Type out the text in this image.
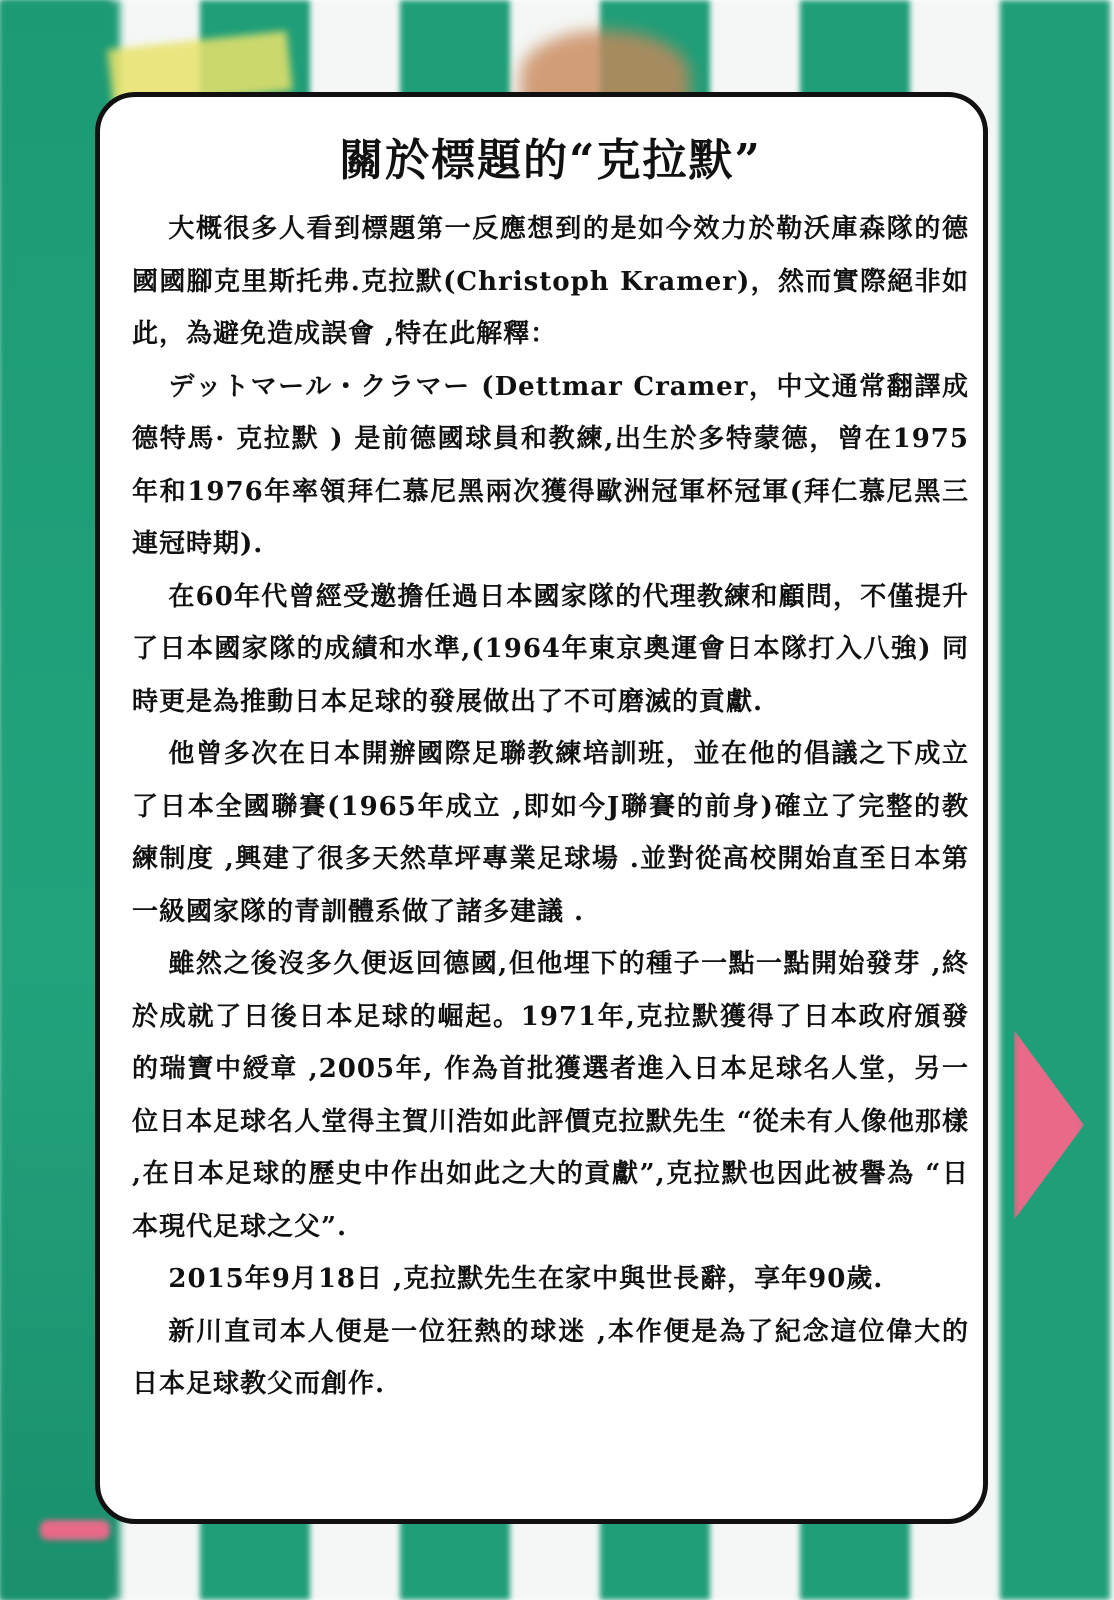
關於標題的“克拉默”

大概很多人看到標題第一反應想到的是如今效力於勒沃庫森隊的德國國腳克里斯托弗.克拉默(Christoph Kramer)，然而實際絕非如此，為避免造成誤會 ,特在此解釋：

デットマール・クラマー (Dettmar Cramer，中文通常翻譯成德特馬· 克拉默 ) 是前德國球員和教練,出生於多特蒙德，曾在1975年和1976年率領拜仁慕尼黑兩次獲得歐洲冠軍杯冠軍(拜仁慕尼黑三連冠時期).

在60年代曾經受邀擔任過日本國家隊的代理教練和顧問，不僅提升了日本國家隊的成績和水準,(1964年東京奧運會日本隊打入八強) 同時更是為推動日本足球的發展做出了不可磨滅的貢獻.

他曾多次在日本開辦國際足聯教練培訓班，並在他的倡議之下成立了日本全國聯賽(1965年成立 ,即如今J聯賽的前身)確立了完整的教練制度 ,興建了很多天然草坪專業足球場 .並對從高校開始直至日本第一級國家隊的青訓體系做了諸多建議 .

雖然之後沒多久便返回德國,但他埋下的種子一點一點開始發芽 ,終於成就了日後日本足球的崛起。1971年,克拉默獲得了日本政府頒發的瑞寶中綬章 ,2005年, 作為首批獲選者進入日本足球名人堂，另一位日本足球名人堂得主賀川浩如此評價克拉默先生 “從未有人像他那樣 ,在日本足球的歷史中作出如此之大的貢獻”,克拉默也因此被譽為 “日本現代足球之父”.

2015年9月18日 ,克拉默先生在家中與世長辭，享年90歲.

新川直司本人便是一位狂熱的球迷 ,本作便是為了紀念這位偉大的日本足球教父而創作.
